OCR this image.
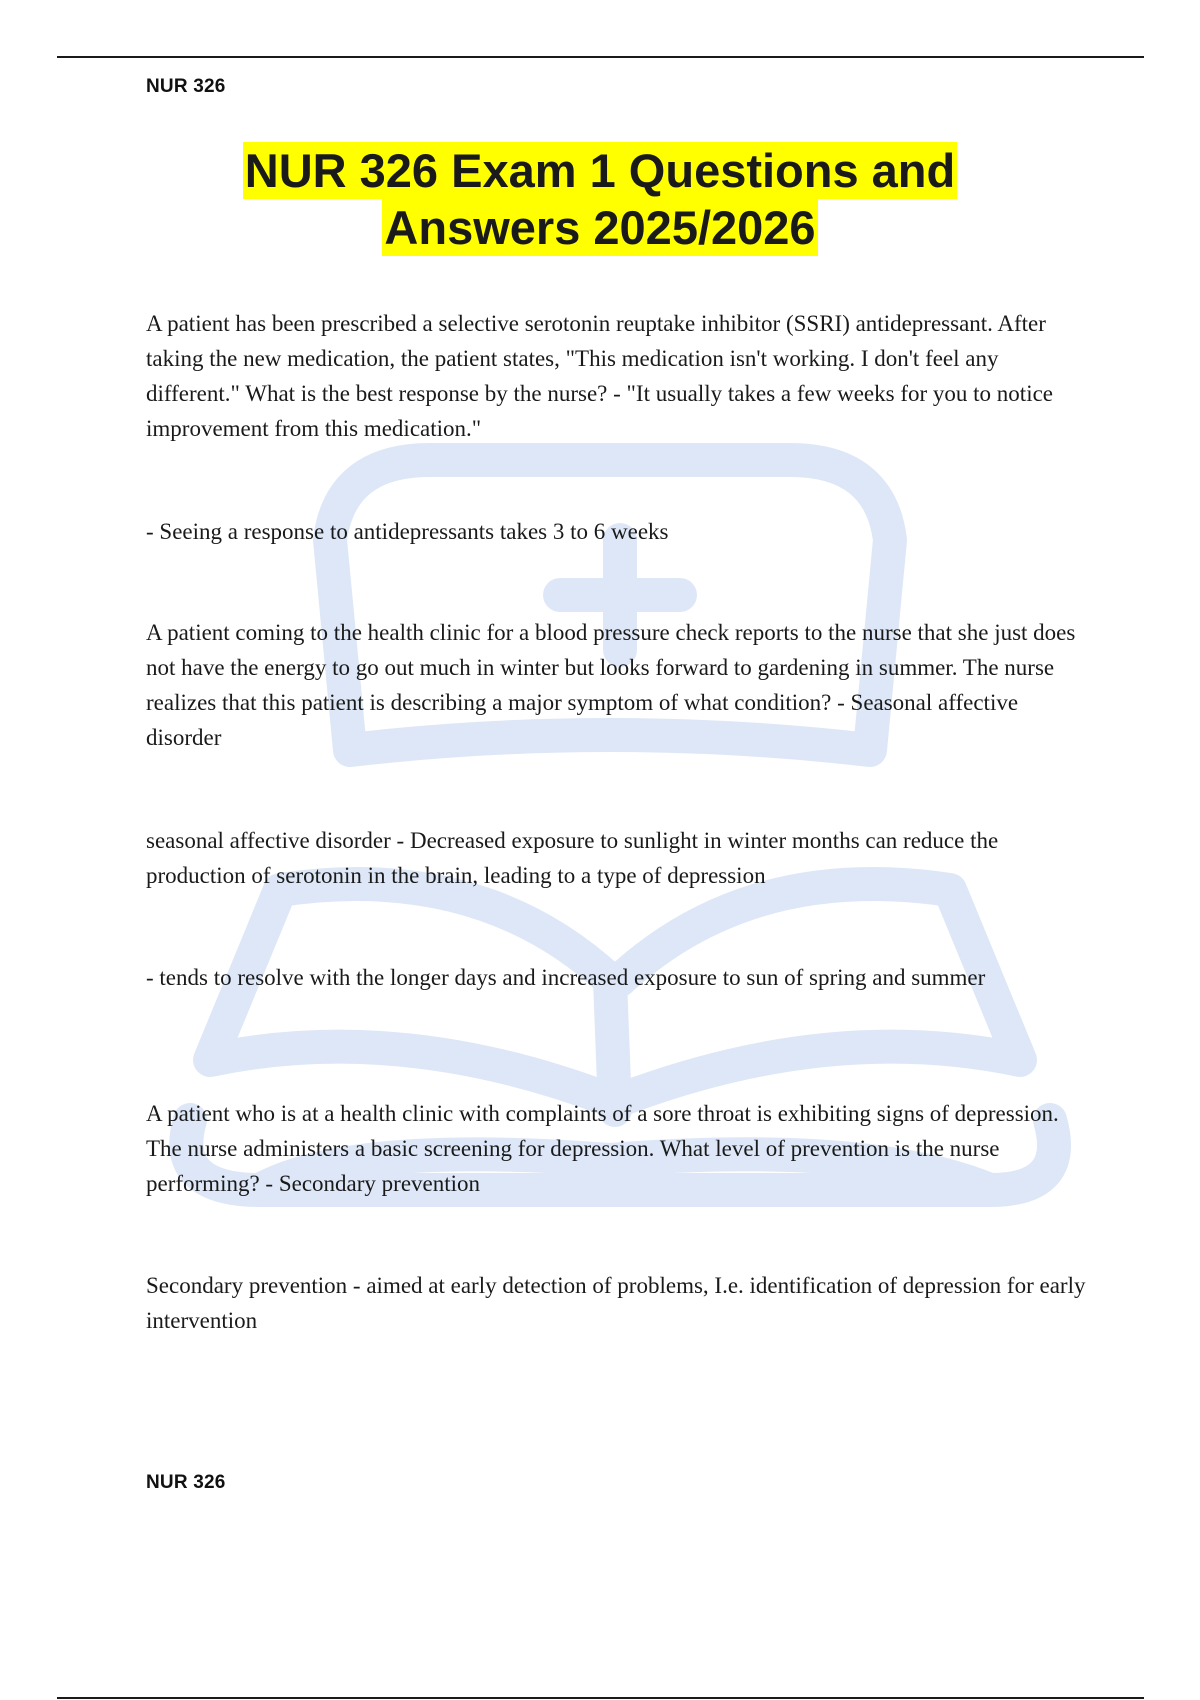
NUR 326
NUR 326 Exam 1 Questions and
Answers 2025/2026

A patient has been prescribed a selective serotonin reuptake inhibitor (SSRI) antidepressant. After taking the new medication, the patient states, "This medication isn't working. I don't feel any different." What is the best response by the nurse? - "It usually takes a few weeks for you to notice improvement from this medication."

- Seeing a response to antidepressants takes 3 to 6 weeks

A patient coming to the health clinic for a blood pressure check reports to the nurse that she just does not have the energy to go out much in winter but looks forward to gardening in summer. The nurse realizes that this patient is describing a major symptom of what condition? - Seasonal affective disorder

seasonal affective disorder - Decreased exposure to sunlight in winter months can reduce the production of serotonin in the brain, leading to a type of depression

- tends to resolve with the longer days and increased exposure to sun of spring and summer

A patient who is at a health clinic with complaints of a sore throat is exhibiting signs of depression. The nurse administers a basic screening for depression. What level of prevention is the nurse performing? - Secondary prevention

Secondary prevention - aimed at early detection of problems, I.e. identification of depression for early intervention

NUR 326
